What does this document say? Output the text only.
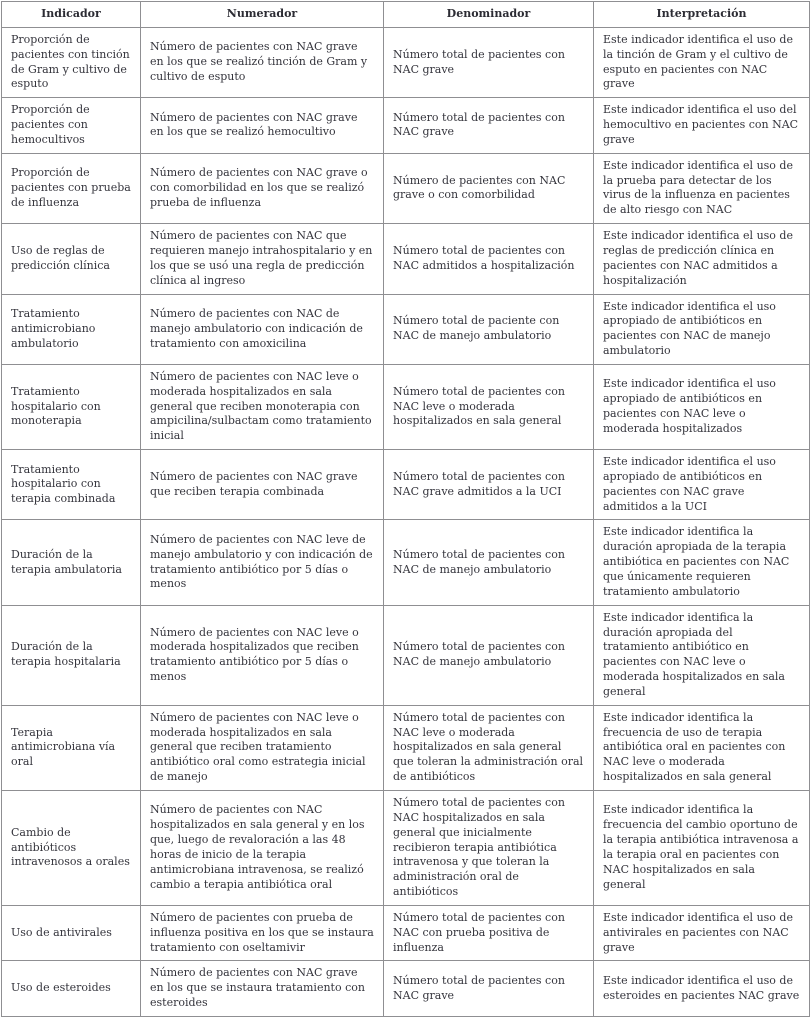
Indicador	Numerador	Denominador	Interpretación
Proporción de pacientes con tinción de Gram y cultivo de esputo	Número de pacientes con NAC grave en los que se realizó tinción de Gram y cultivo de esputo	Número total de pacientes con NAC grave	Este indicador identifica el uso de la tinción de Gram y el cultivo de esputo en pacientes con NAC grave
Proporción de pacientes con hemocultivos	Número de pacientes con NAC grave en los que se realizó hemocultivo	Número total de pacientes con NAC grave	Este indicador identifica el uso del hemocultivo en pacientes con NAC grave
Proporción de pacientes con prueba de influenza	Número de pacientes con NAC grave o con comorbilidad en los que se realizó prueba de influenza	Número de pacientes con NAC grave o con comorbilidad	Este indicador identifica el uso de la prueba para detectar de los virus de la influenza en pacientes de alto riesgo con NAC
Uso de reglas de predicción clínica	Número de pacientes con NAC que requieren manejo intrahospitalario y en los que se usó una regla de predicción clínica al ingreso	Número total de pacientes con NAC admitidos a hospitalización	Este indicador identifica el uso de reglas de predicción clínica en pacientes con NAC admitidos a hospitalización
Tratamiento antimicrobiano ambulatorio	Número de pacientes con NAC de manejo ambulatorio con indicación de tratamiento con amoxicilina	Número total de paciente con NAC de manejo ambulatorio	Este indicador identifica el uso apropiado de antibióticos en pacientes con NAC de manejo ambulatorio
Tratamiento hospitalario con monoterapia	Número de pacientes con NAC leve o moderada hospitalizados en sala general que reciben monoterapia con ampicilina/sulbactam como tratamiento inicial	Número total de pacientes con NAC leve o moderada hospitalizados en sala general	Este indicador identifica el uso apropiado de antibióticos en pacientes con NAC leve o moderada hospitalizados
Tratamiento hospitalario con terapia combinada	Número de pacientes con NAC grave que reciben terapia combinada	Número total de pacientes con NAC grave admitidos a la UCI	Este indicador identifica el uso apropiado de antibióticos en pacientes con NAC grave admitidos a la UCI
Duración de la terapia ambulatoria	Número de pacientes con NAC leve de manejo ambulatorio y con indicación de tratamiento antibiótico por 5 días o menos	Número total de pacientes con NAC de manejo ambulatorio	Este indicador identifica la duración apropiada de la terapia antibiótica en pacientes con NAC que únicamente requieren tratamiento ambulatorio
Duración de la terapia hospitalaria	Número de pacientes con NAC leve o moderada hospitalizados que reciben tratamiento antibiótico por 5 días o menos	Número total de pacientes con NAC de manejo ambulatorio	Este indicador identifica la duración apropiada del tratamiento antibiótico en pacientes con NAC leve o moderada hospitalizados en sala general
Terapia antimicrobiana vía oral	Número de pacientes con NAC leve o moderada hospitalizados en sala general que reciben tratamiento antibiótico oral como estrategia inicial de manejo	Número total de pacientes con NAC leve o moderada hospitalizados en sala general que toleran la administración oral de antibióticos	Este indicador identifica la frecuencia de uso de terapia antibiótica oral en pacientes con NAC leve o moderada hospitalizados en sala general
Cambio de antibióticos intravenosos a orales	Número de pacientes con NAC hospitalizados en sala general y en los que, luego de revaloración a las 48 horas de inicio de la terapia antimicrobiana intravenosa, se realizó cambio a terapia antibiótica oral	Número total de pacientes con NAC hospitalizados en sala general que inicialmente recibieron terapia antibiótica intravenosa y que toleran la administración oral de antibióticos	Este indicador identifica la frecuencia del cambio oportuno de la terapia antibiótica intravenosa a la terapia oral en pacientes con NAC hospitalizados en sala general
Uso de antivirales	Número de pacientes con prueba de influenza positiva en los que se instaura tratamiento con oseltamivir	Número total de pacientes con NAC con prueba positiva de influenza	Este indicador identifica el uso de antivirales en pacientes con NAC grave
Uso de esteroides	Número de pacientes con NAC grave en los que se instaura tratamiento con esteroides	Número total de pacientes con NAC grave	Este indicador identifica el uso de esteroides en pacientes NAC grave
